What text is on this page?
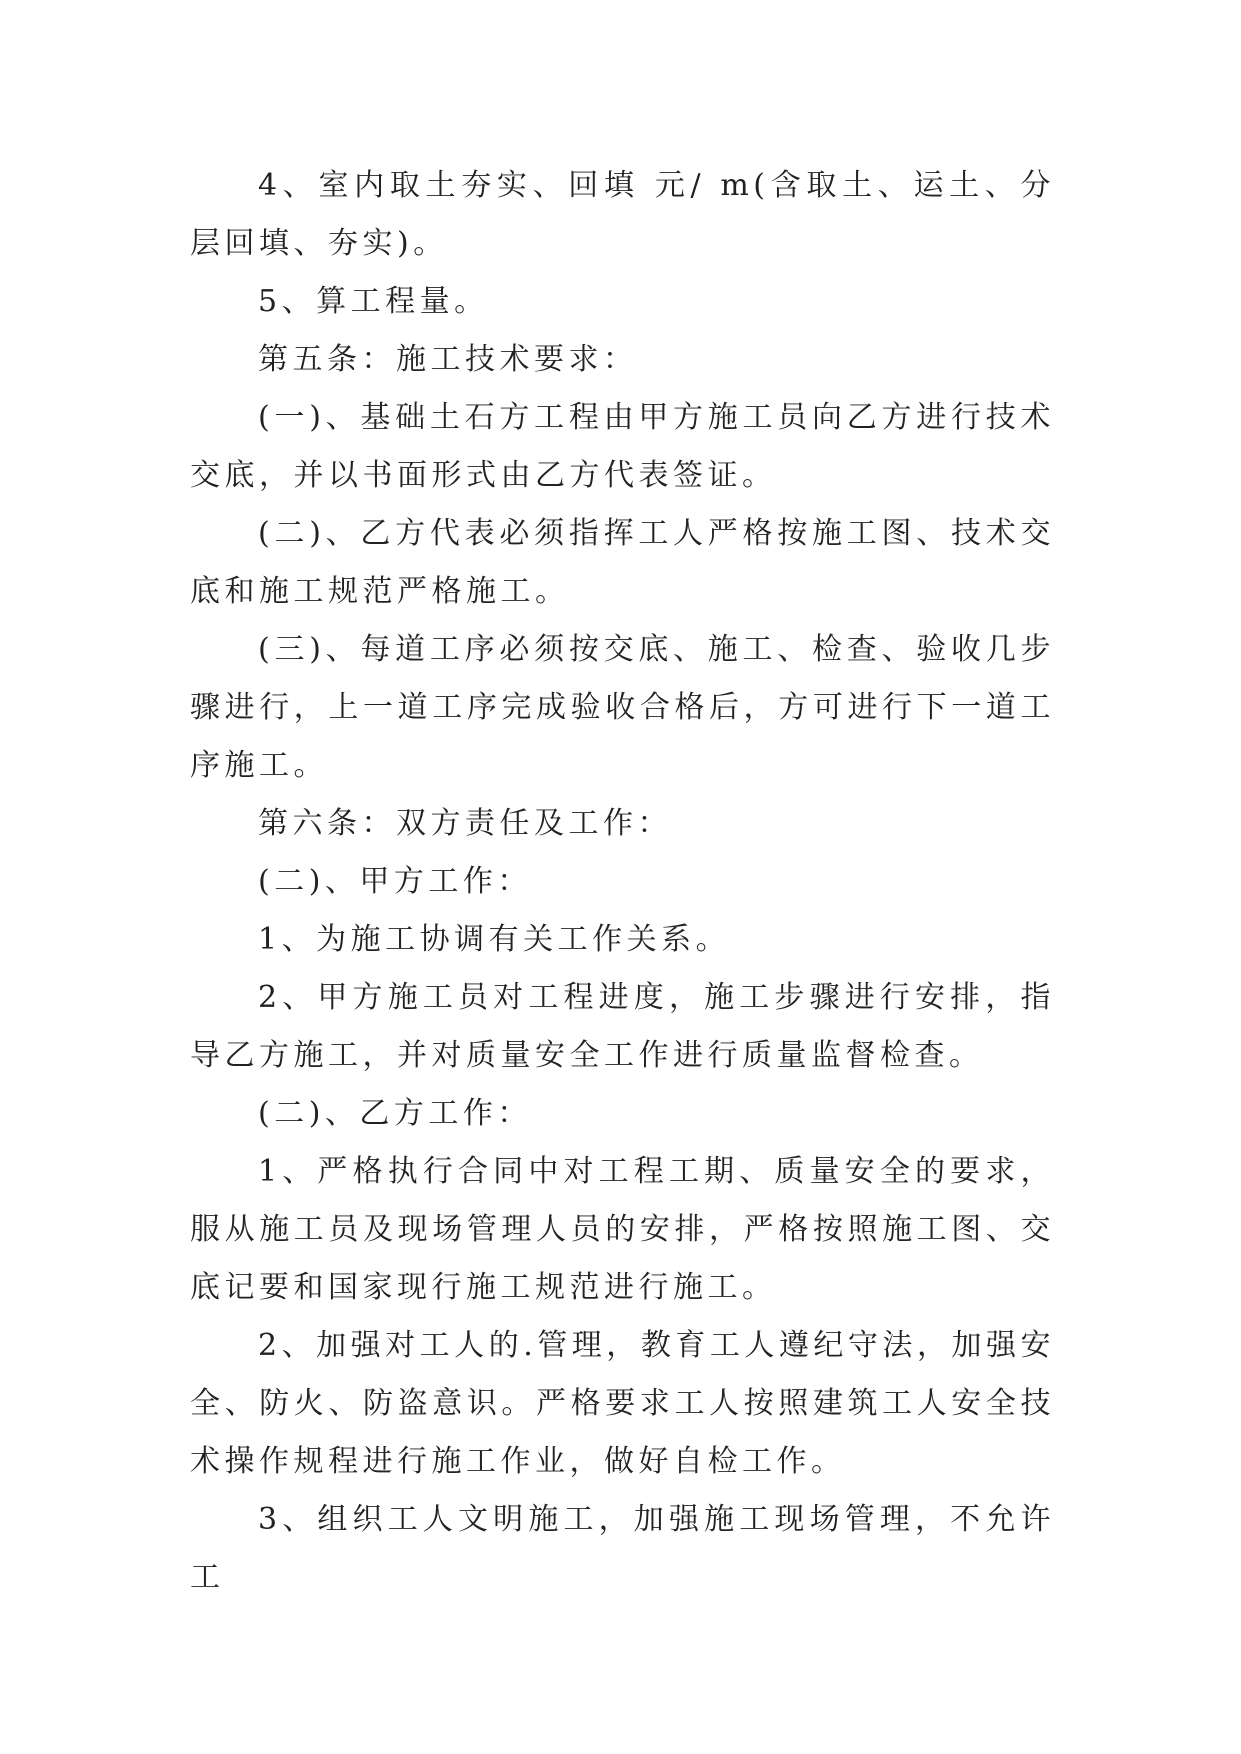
4、室内取土夯实、回填 元/ m(含取土、运土、分层回填、夯实)。

5、算工程量。

第五条：施工技术要求：

(一)、基础土石方工程由甲方施工员向乙方进行技术交底，并以书面形式由乙方代表签证。

(二)、乙方代表必须指挥工人严格按施工图、技术交底和施工规范严格施工。

(三)、每道工序必须按交底、施工、检查、验收几步骤进行，上一道工序完成验收合格后，方可进行下一道工序施工。

第六条：双方责任及工作：

(二)、甲方工作：

1、为施工协调有关工作关系。

2、甲方施工员对工程进度，施工步骤进行安排，指导乙方施工，并对质量安全工作进行质量监督检查。

(二)、乙方工作：

1、严格执行合同中对工程工期、质量安全的要求，服从施工员及现场管理人员的安排，严格按照施工图、交底记要和国家现行施工规范进行施工。

2、加强对工人的.管理，教育工人遵纪守法，加强安全、防火、防盗意识。严格要求工人按照建筑工人安全技术操作规程进行施工作业，做好自检工作。

3、组织工人文明施工，加强施工现场管理，不允许工
